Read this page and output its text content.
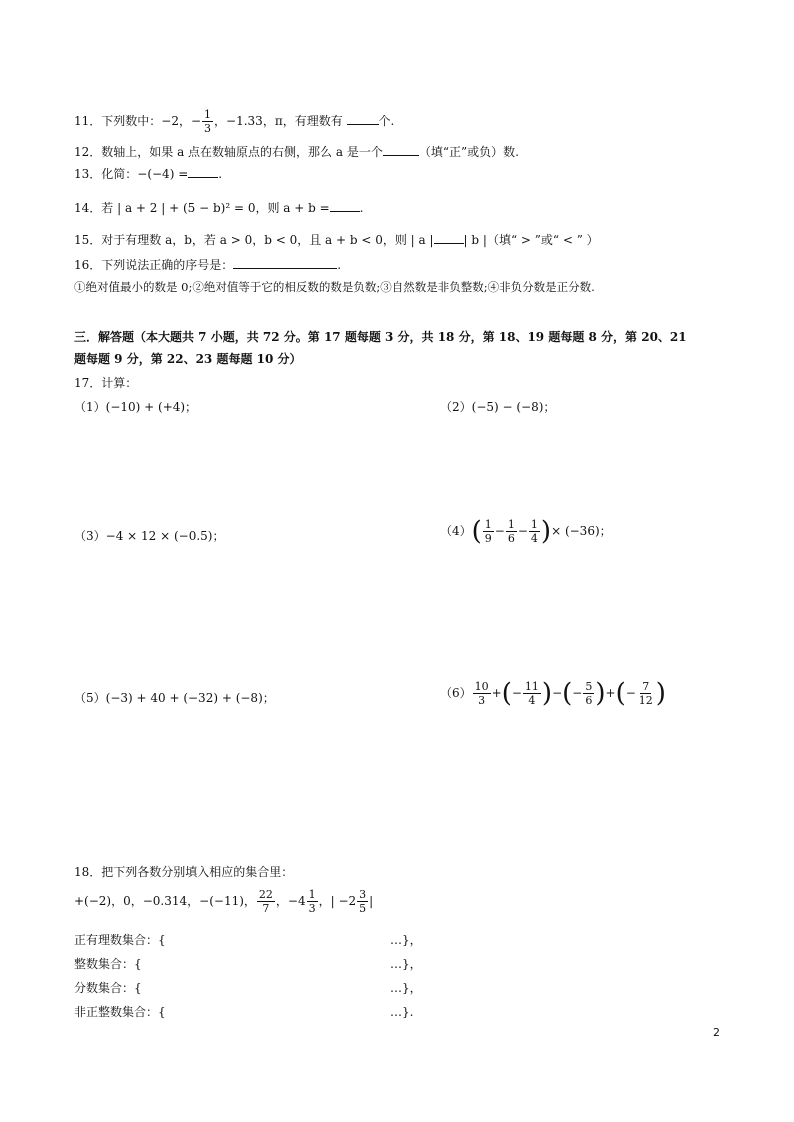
11．下列数中：−2，− $\frac{1}{3}$ ，−1.33，π，有理数有	个.
12．数轴上，如果 a 点在数轴原点的右侧，那么 a 是一个	（填“正”或负）数.
13．化简：−(−4) =	.
14．若 | a + 2 | + (5 − b)² = 0，则 a + b =	.
15．对于有理数 a，b，若 a > 0，b < 0，且 a + b < 0，则 | a |	| b |（填“ > ”或“ < ” ）
16．下列说法正确的序号是：	.
①绝对值最小的数是 0;②绝对值等于它的相反数的数是负数;③自然数是非负整数;④非负分数是正分数.
三．解答题（本大题共 7 小题，共 72 分。第 17 题每题 3 分，共 18 分，第 18、19 题每题 8 分，第 20、21
题每题 9 分，第 22、23 题每题 10 分）
17．计算：
（1）(−10) + (+4)；	（2）(−5) − (−8)；
（3）−4 × 12 × (−0.5)；	$(4)( \frac{1}{9} - \frac{1}{6} - \frac{1}{4}$ )× (−36)；
（5）(−3) + 40 + (−32) + (−8)；	$(6) \frac{10}{3}$ +(− $\frac{11}{4}$ )−(− $\frac{5}{6}$ )+(− $\frac{7}{12}$ )
18．把下列各数分别填入相应的集合里：
+(−2)，0，−0.314，−(−11)， $\frac{22}{7}$ ，$-4 \frac{1}{3}$ ，| $-2 \frac{3}{5}$ |
正有理数集合：{	…}，
整数集合：{	…}，
分数集合：{	…}，
非正整数集合：{	…}.
2
